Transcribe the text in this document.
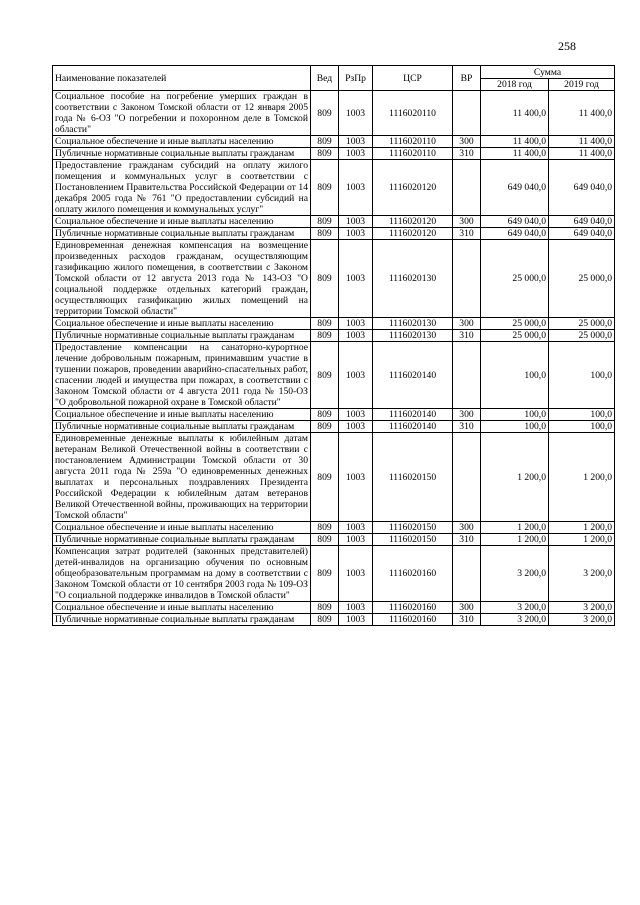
258
Наименование показателей	Вед	РзПр	ЦСР	ВР	Сумма	
					2018 год	2019 год
Социальное пособие на погребение умерших граждан в соответствии с Законом Томской области от 12 января 2005 года № 6-ОЗ "О погребении и похоронном деле в Томской области"	809	1003	1116020110		11 400,0	11 400,0
Социальное обеспечение и иные выплаты населению	809	1003	1116020110	300	11 400,0	11 400,0
Публичные нормативные социальные выплаты гражданам	809	1003	1116020110	310	11 400,0	11 400,0
Предоставление гражданам субсидий на оплату жилого помещения и коммунальных услуг в соответствии с Постановлением Правительства Российской Федерации от 14 декабря 2005 года № 761 "О предоставлении субсидий на оплату жилого помещения и коммунальных услуг"	809	1003	1116020120		649 040,0	649 040,0
Социальное обеспечение и иные выплаты населению	809	1003	1116020120	300	649 040,0	649 040,0
Публичные нормативные социальные выплаты гражданам	809	1003	1116020120	310	649 040,0	649 040,0
Единовременная денежная компенсация на возмещение произведенных расходов гражданам, осуществляющим газификацию жилого помещения, в соответствии с Законом Томской области от 12 августа 2013 года № 143-ОЗ "О социальной поддержке отдельных категорий граждан, осуществляющих газификацию жилых помещений на территории Томской области"	809	1003	1116020130		25 000,0	25 000,0
Социальное обеспечение и иные выплаты населению	809	1003	1116020130	300	25 000,0	25 000,0
Публичные нормативные социальные выплаты гражданам	809	1003	1116020130	310	25 000,0	25 000,0
Предоставление компенсации на санаторно-курортное лечение добровольным пожарным, принимавшим участие в тушении пожаров, проведении аварийно-спасательных работ, спасении людей и имущества при пожарах, в соответствии с Законом Томской области от 4 августа 2011 года № 150-ОЗ "О добровольной пожарной охране в Томской области"	809	1003	1116020140		100,0	100,0
Социальное обеспечение и иные выплаты населению	809	1003	1116020140	300	100,0	100,0
Публичные нормативные социальные выплаты гражданам	809	1003	1116020140	310	100,0	100,0
Единовременные денежные выплаты к юбилейным датам ветеранам Великой Отечественной войны в соответствии с постановлением Администрации Томской области от 30 августа 2011 года № 259а "О единовременных денежных выплатах и персональных поздравлениях Президента Российской Федерации к юбилейным датам ветеранов Великой Отечественной войны, проживающих на территории Томской области"	809	1003	1116020150		1 200,0	1 200,0
Социальное обеспечение и иные выплаты населению	809	1003	1116020150	300	1 200,0	1 200,0
Публичные нормативные социальные выплаты гражданам	809	1003	1116020150	310	1 200,0	1 200,0
Компенсация затрат родителей (законных представителей) детей-инвалидов на организацию обучения по основным общеобразовательным программам на дому в соответствии с Законом Томской области от 10 сентября 2003 года № 109-ОЗ "О социальной поддержке инвалидов в Томской области"	809	1003	1116020160		3 200,0	3 200,0
Социальное обеспечение и иные выплаты населению	809	1003	1116020160	300	3 200,0	3 200,0
Публичные нормативные социальные выплаты гражданам	809	1003	1116020160	310	3 200,0	3 200,0
